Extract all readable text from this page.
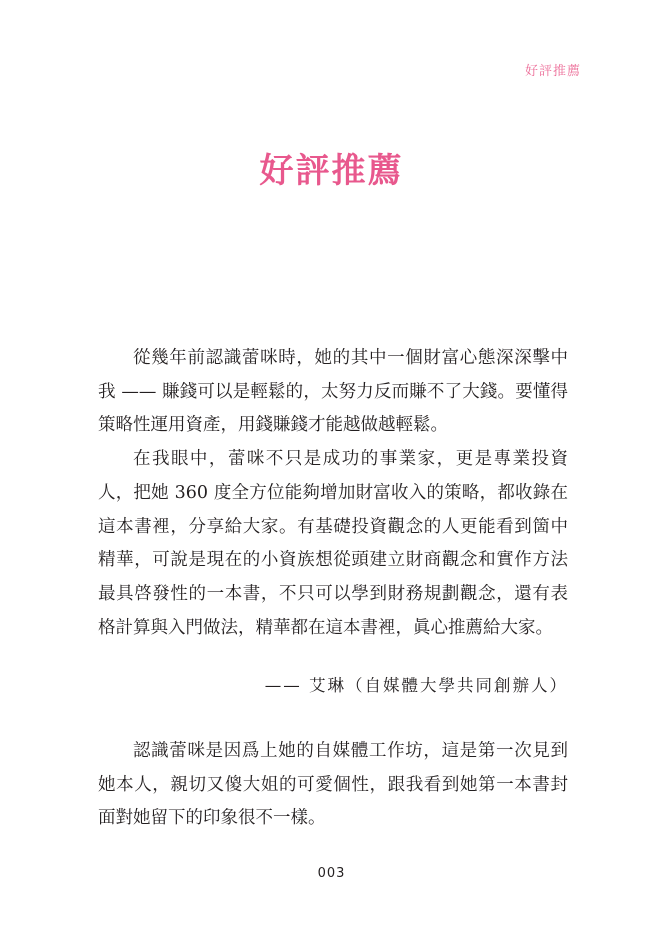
好評推薦
好評推薦

從幾年前認識蕾咪時，她的其中一個財富心態深深擊中我 —— 賺錢可以是輕鬆的，太努力反而賺不了大錢。要懂得策略性運用資產，用錢賺錢才能越做越輕鬆。

在我眼中，蕾咪不只是成功的事業家，更是專業投資人，把她 360 度全方位能夠增加財富收入的策略，都收錄在這本書裡，分享給大家。有基礎投資觀念的人更能看到箇中精華，可說是現在的小資族想從頭建立財商觀念和實作方法最具啓發性的一本書，不只可以學到財務規劃觀念，還有表格計算與入門做法，精華都在這本書裡，眞心推薦給大家。

—— 艾琳（自媒體大學共同創辦人）

認識蕾咪是因爲上她的自媒體工作坊，這是第一次見到她本人，親切又傻大姐的可愛個性，跟我看到她第一本書封面對她留下的印象很不一樣。

003
